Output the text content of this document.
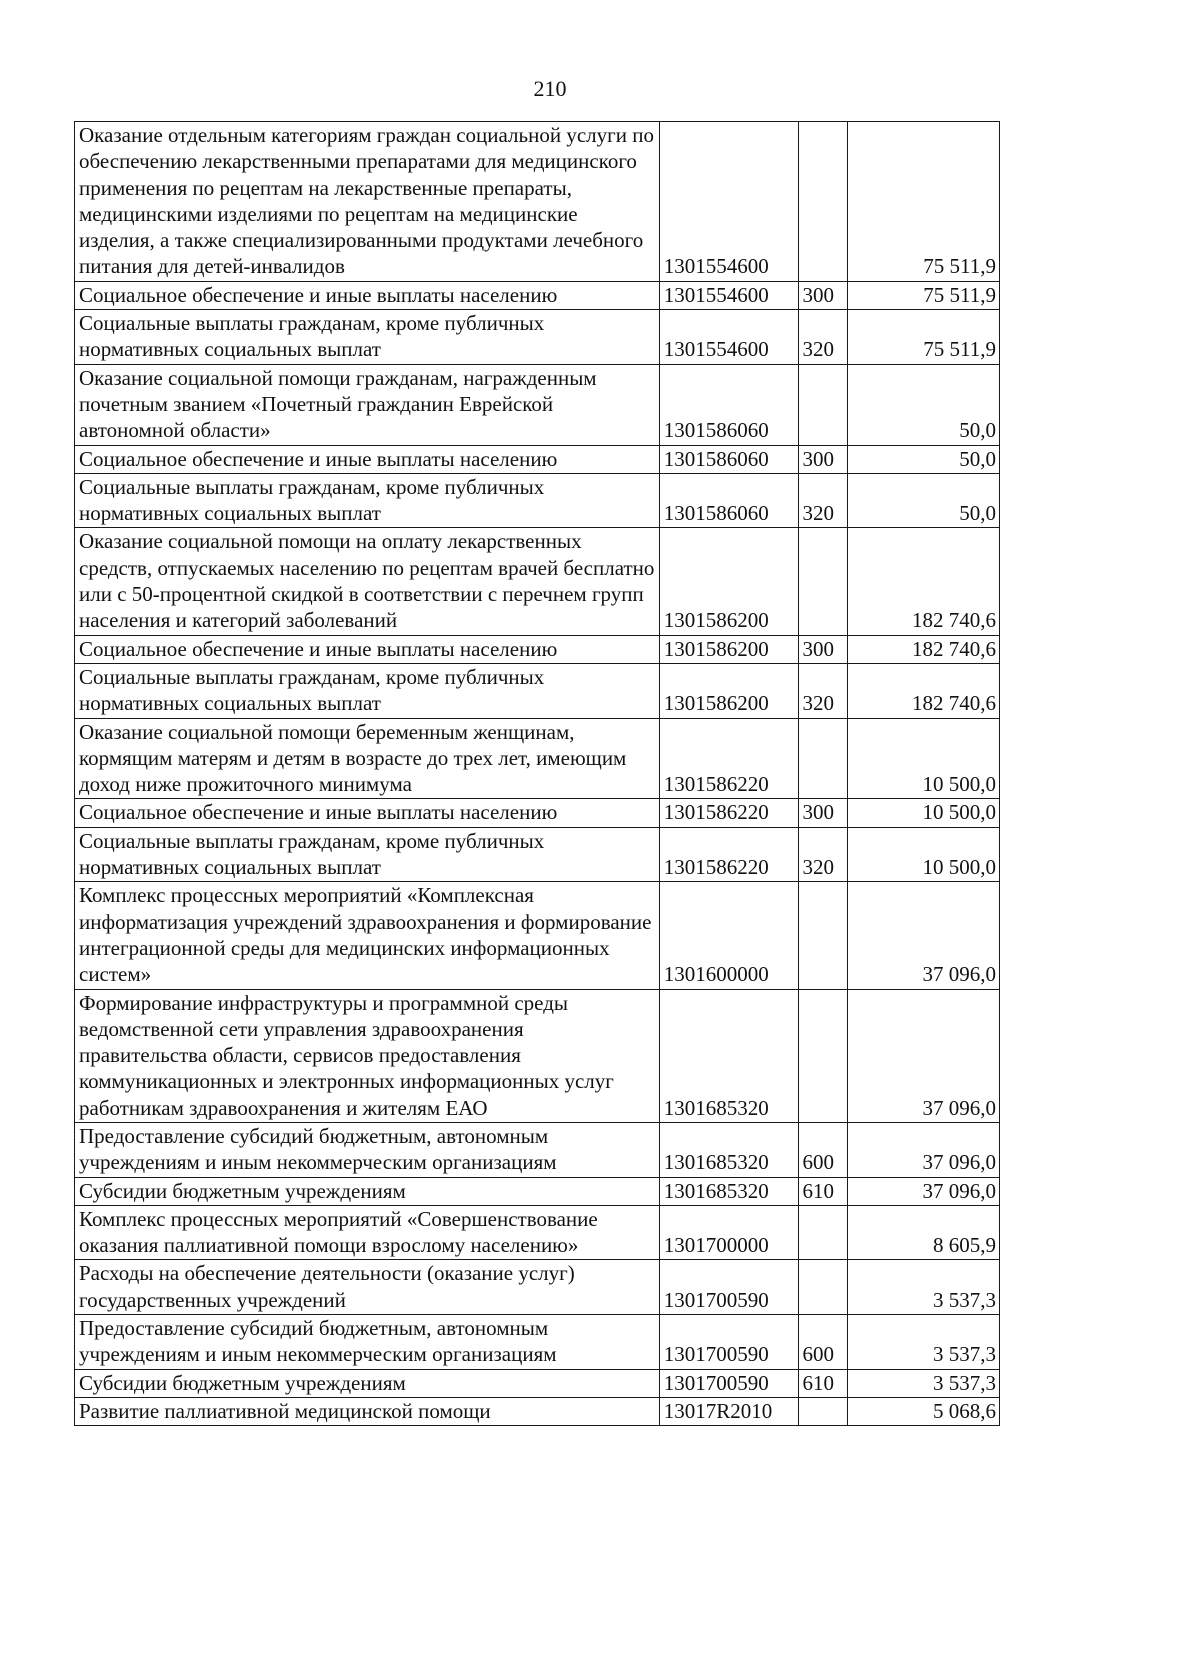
210
Оказание отдельным категориям граждан социальной услуги по обеспечению лекарственными препаратами для медицинского применения по рецептам на лекарственные препараты, медицинскими изделиями по рецептам на медицинские изделия, а также специализированными продуктами лечебного питания для детей-инвалидов	1301554600		75 511,9
Социальное обеспечение и иные выплаты населению	1301554600	300	75 511,9
Социальные выплаты гражданам, кроме публичных нормативных социальных выплат	1301554600	320	75 511,9
Оказание социальной помощи гражданам, награжденным почетным званием «Почетный гражданин Еврейской автономной области»	1301586060		50,0
Социальное обеспечение и иные выплаты населению	1301586060	300	50,0
Социальные выплаты гражданам, кроме публичных нормативных социальных выплат	1301586060	320	50,0
Оказание социальной помощи на оплату лекарственных средств, отпускаемых населению по рецептам врачей бесплатно или с 50-процентной скидкой в соответствии с перечнем групп населения и категорий заболеваний	1301586200		182 740,6
Социальное обеспечение и иные выплаты населению	1301586200	300	182 740,6
Социальные выплаты гражданам, кроме публичных нормативных социальных выплат	1301586200	320	182 740,6
Оказание социальной помощи беременным женщинам, кормящим матерям и детям в возрасте до трех лет, имеющим доход ниже прожиточного минимума	1301586220		10 500,0
Социальное обеспечение и иные выплаты населению	1301586220	300	10 500,0
Социальные выплаты гражданам, кроме публичных нормативных социальных выплат	1301586220	320	10 500,0
Комплекс процессных мероприятий «Комплексная информатизация учреждений здравоохранения и формирование интеграционной среды для медицинских информационных систем»	1301600000		37 096,0
Формирование инфраструктуры и программной среды ведомственной сети управления здравоохранения правительства области, сервисов предоставления коммуникационных и электронных информационных услуг работникам здравоохранения и жителям ЕАО	1301685320		37 096,0
Предоставление субсидий бюджетным, автономным учреждениям и иным некоммерческим организациям	1301685320	600	37 096,0
Субсидии бюджетным учреждениям	1301685320	610	37 096,0
Комплекс процессных мероприятий «Совершенствование оказания паллиативной помощи взрослому населению»	1301700000		8 605,9
Расходы на обеспечение деятельности (оказание услуг) государственных учреждений	1301700590		3 537,3
Предоставление субсидий бюджетным, автономным учреждениям и иным некоммерческим организациям	1301700590	600	3 537,3
Субсидии бюджетным учреждениям	1301700590	610	3 537,3
Развитие паллиативной медицинской помощи	13017R2010		5 068,6
